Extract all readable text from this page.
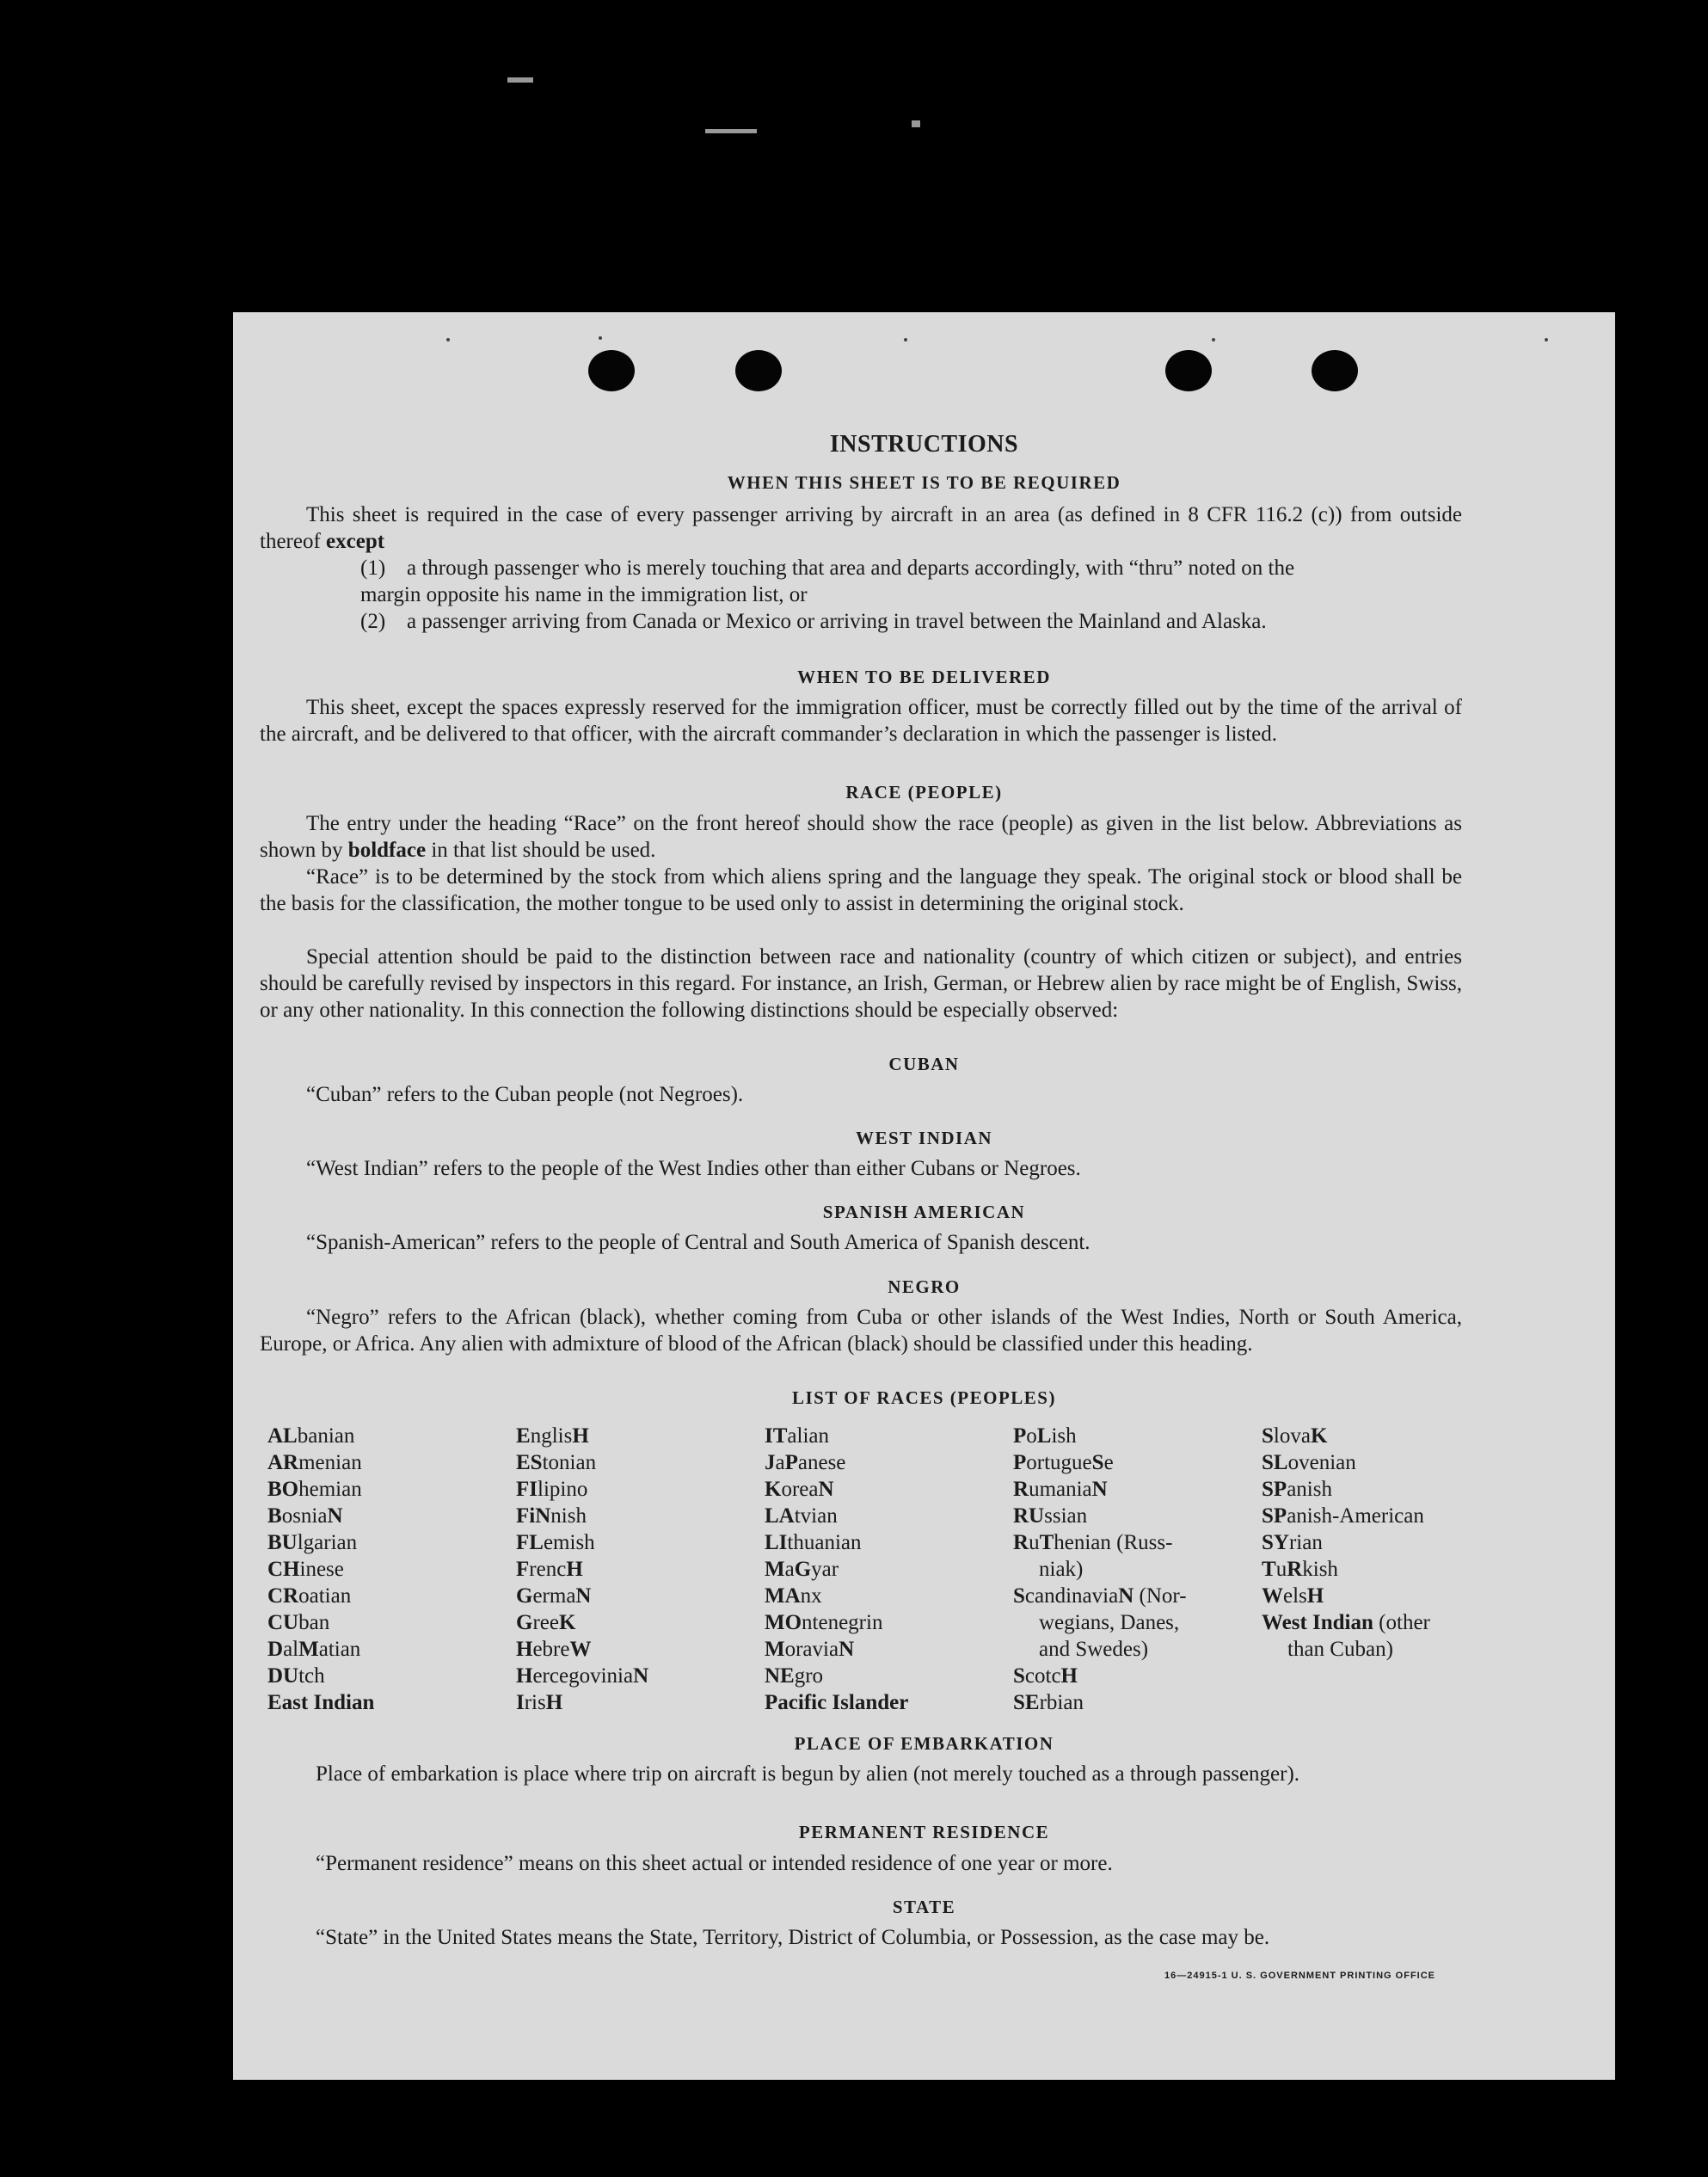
INSTRUCTIONS
WHEN THIS SHEET IS TO BE REQUIRED
This sheet is required in the case of every passenger arriving by aircraft in an area (as defined in 8 CFR 116.2 (c)) from outside thereof except
(1) a through passenger who is merely touching that area and departs accordingly, with “thru” noted on the margin opposite his name in the immigration list, or
(2) a passenger arriving from Canada or Mexico or arriving in travel between the Mainland and Alaska.
WHEN TO BE DELIVERED
This sheet, except the spaces expressly reserved for the immigration officer, must be correctly filled out by the time of the arrival of the aircraft, and be delivered to that officer, with the aircraft commander’s declaration in which the passenger is listed.
RACE (PEOPLE)
The entry under the heading “Race” on the front hereof should show the race (people) as given in the list below. Abbreviations as shown by boldface in that list should be used.
“Race” is to be determined by the stock from which aliens spring and the language they speak. The original stock or blood shall be the basis for the classification, the mother tongue to be used only to assist in determining the original stock.
Special attention should be paid to the distinction between race and nationality (country of which citizen or subject), and entries should be carefully revised by inspectors in this regard. For instance, an Irish, German, or Hebrew alien by race might be of English, Swiss, or any other nationality. In this connection the following distinctions should be especially observed:
CUBAN
“Cuban” refers to the Cuban people (not Negroes).
WEST INDIAN
“West Indian” refers to the people of the West Indies other than either Cubans or Negroes.
SPANISH AMERICAN
“Spanish-American” refers to the people of Central and South America of Spanish descent.
NEGRO
“Negro” refers to the African (black), whether coming from Cuba or other islands of the West Indies, North or South America, Europe, or Africa. Any alien with admixture of blood of the African (black) should be classified under this heading.
LIST OF RACES (PEOPLES)
ALbanian
ARmenian
BOhemian
BosniaN
BUlgarian
CHinese
CRoatian
CUban
DalMatian
DUtch
East Indian
EnglisH
EStonian
FIlipino
FiNnish
FLemish
FrencH
GermaN
GreeK
HebreW
HercegoviniaN
IrisH
ITalian
JaPanese
KoreaN
LAtvian
LIthuanian
MaGyar
MAnx
MOntenegrin
MoraviaN
NEgro
Pacific Islander
PoLish
PortugueSe
RumaniaN
RUssian
RuThenian (Russ-
niak)
ScandinaviaN (Nor-
wegians, Danes,
and Swedes)
ScotcH
SErbian
SlovaK
SLovenian
SPanish
SPanish-American
SYrian
TuRkish
WelsH
West Indian (other
than Cuban)
PLACE OF EMBARKATION
Place of embarkation is place where trip on aircraft is begun by alien (not merely touched as a through passenger).
PERMANENT RESIDENCE
“Permanent residence” means on this sheet actual or intended residence of one year or more.
STATE
“State” in the United States means the State, Territory, District of Columbia, or Possession, as the case may be.
16—24915-1 U. S. GOVERNMENT PRINTING OFFICE
